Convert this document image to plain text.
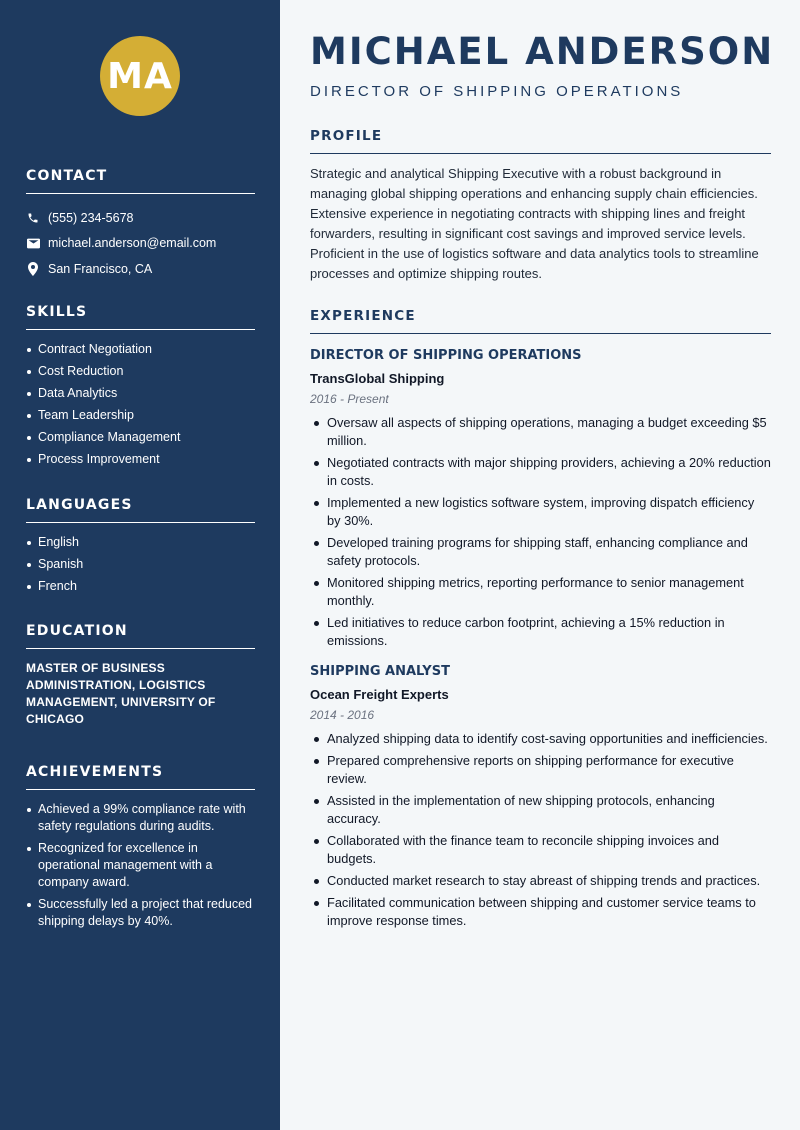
MA
CONTACT
(555) 234-5678
michael.anderson@email.com
San Francisco, CA
SKILLS
Contract Negotiation
Cost Reduction
Data Analytics
Team Leadership
Compliance Management
Process Improvement
LANGUAGES
English
Spanish
French
EDUCATION
MASTER OF BUSINESS ADMINISTRATION, LOGISTICS MANAGEMENT, UNIVERSITY OF CHICAGO
ACHIEVEMENTS
Achieved a 99% compliance rate with safety regulations during audits.
Recognized for excellence in operational management with a company award.
Successfully led a project that reduced shipping delays by 40%.
MICHAEL ANDERSON
DIRECTOR OF SHIPPING OPERATIONS
PROFILE

Strategic and analytical Shipping Executive with a robust background in managing global shipping operations and enhancing supply chain efficiencies. Extensive experience in negotiating contracts with shipping lines and freight forwarders, resulting in significant cost savings and improved service levels. Proficient in the use of logistics software and data analytics tools to streamline processes and optimize shipping routes.

EXPERIENCE
DIRECTOR OF SHIPPING OPERATIONS
TransGlobal Shipping
2016 - Present
Oversaw all aspects of shipping operations, managing a budget exceeding $5 million.
Negotiated contracts with major shipping providers, achieving a 20% reduction in costs.
Implemented a new logistics software system, improving dispatch efficiency by 30%.
Developed training programs for shipping staff, enhancing compliance and safety protocols.
Monitored shipping metrics, reporting performance to senior management monthly.
Led initiatives to reduce carbon footprint, achieving a 15% reduction in emissions.
SHIPPING ANALYST
Ocean Freight Experts
2014 - 2016
Analyzed shipping data to identify cost-saving opportunities and inefficiencies.
Prepared comprehensive reports on shipping performance for executive review.
Assisted in the implementation of new shipping protocols, enhancing accuracy.
Collaborated with the finance team to reconcile shipping invoices and budgets.
Conducted market research to stay abreast of shipping trends and practices.
Facilitated communication between shipping and customer service teams to improve response times.
